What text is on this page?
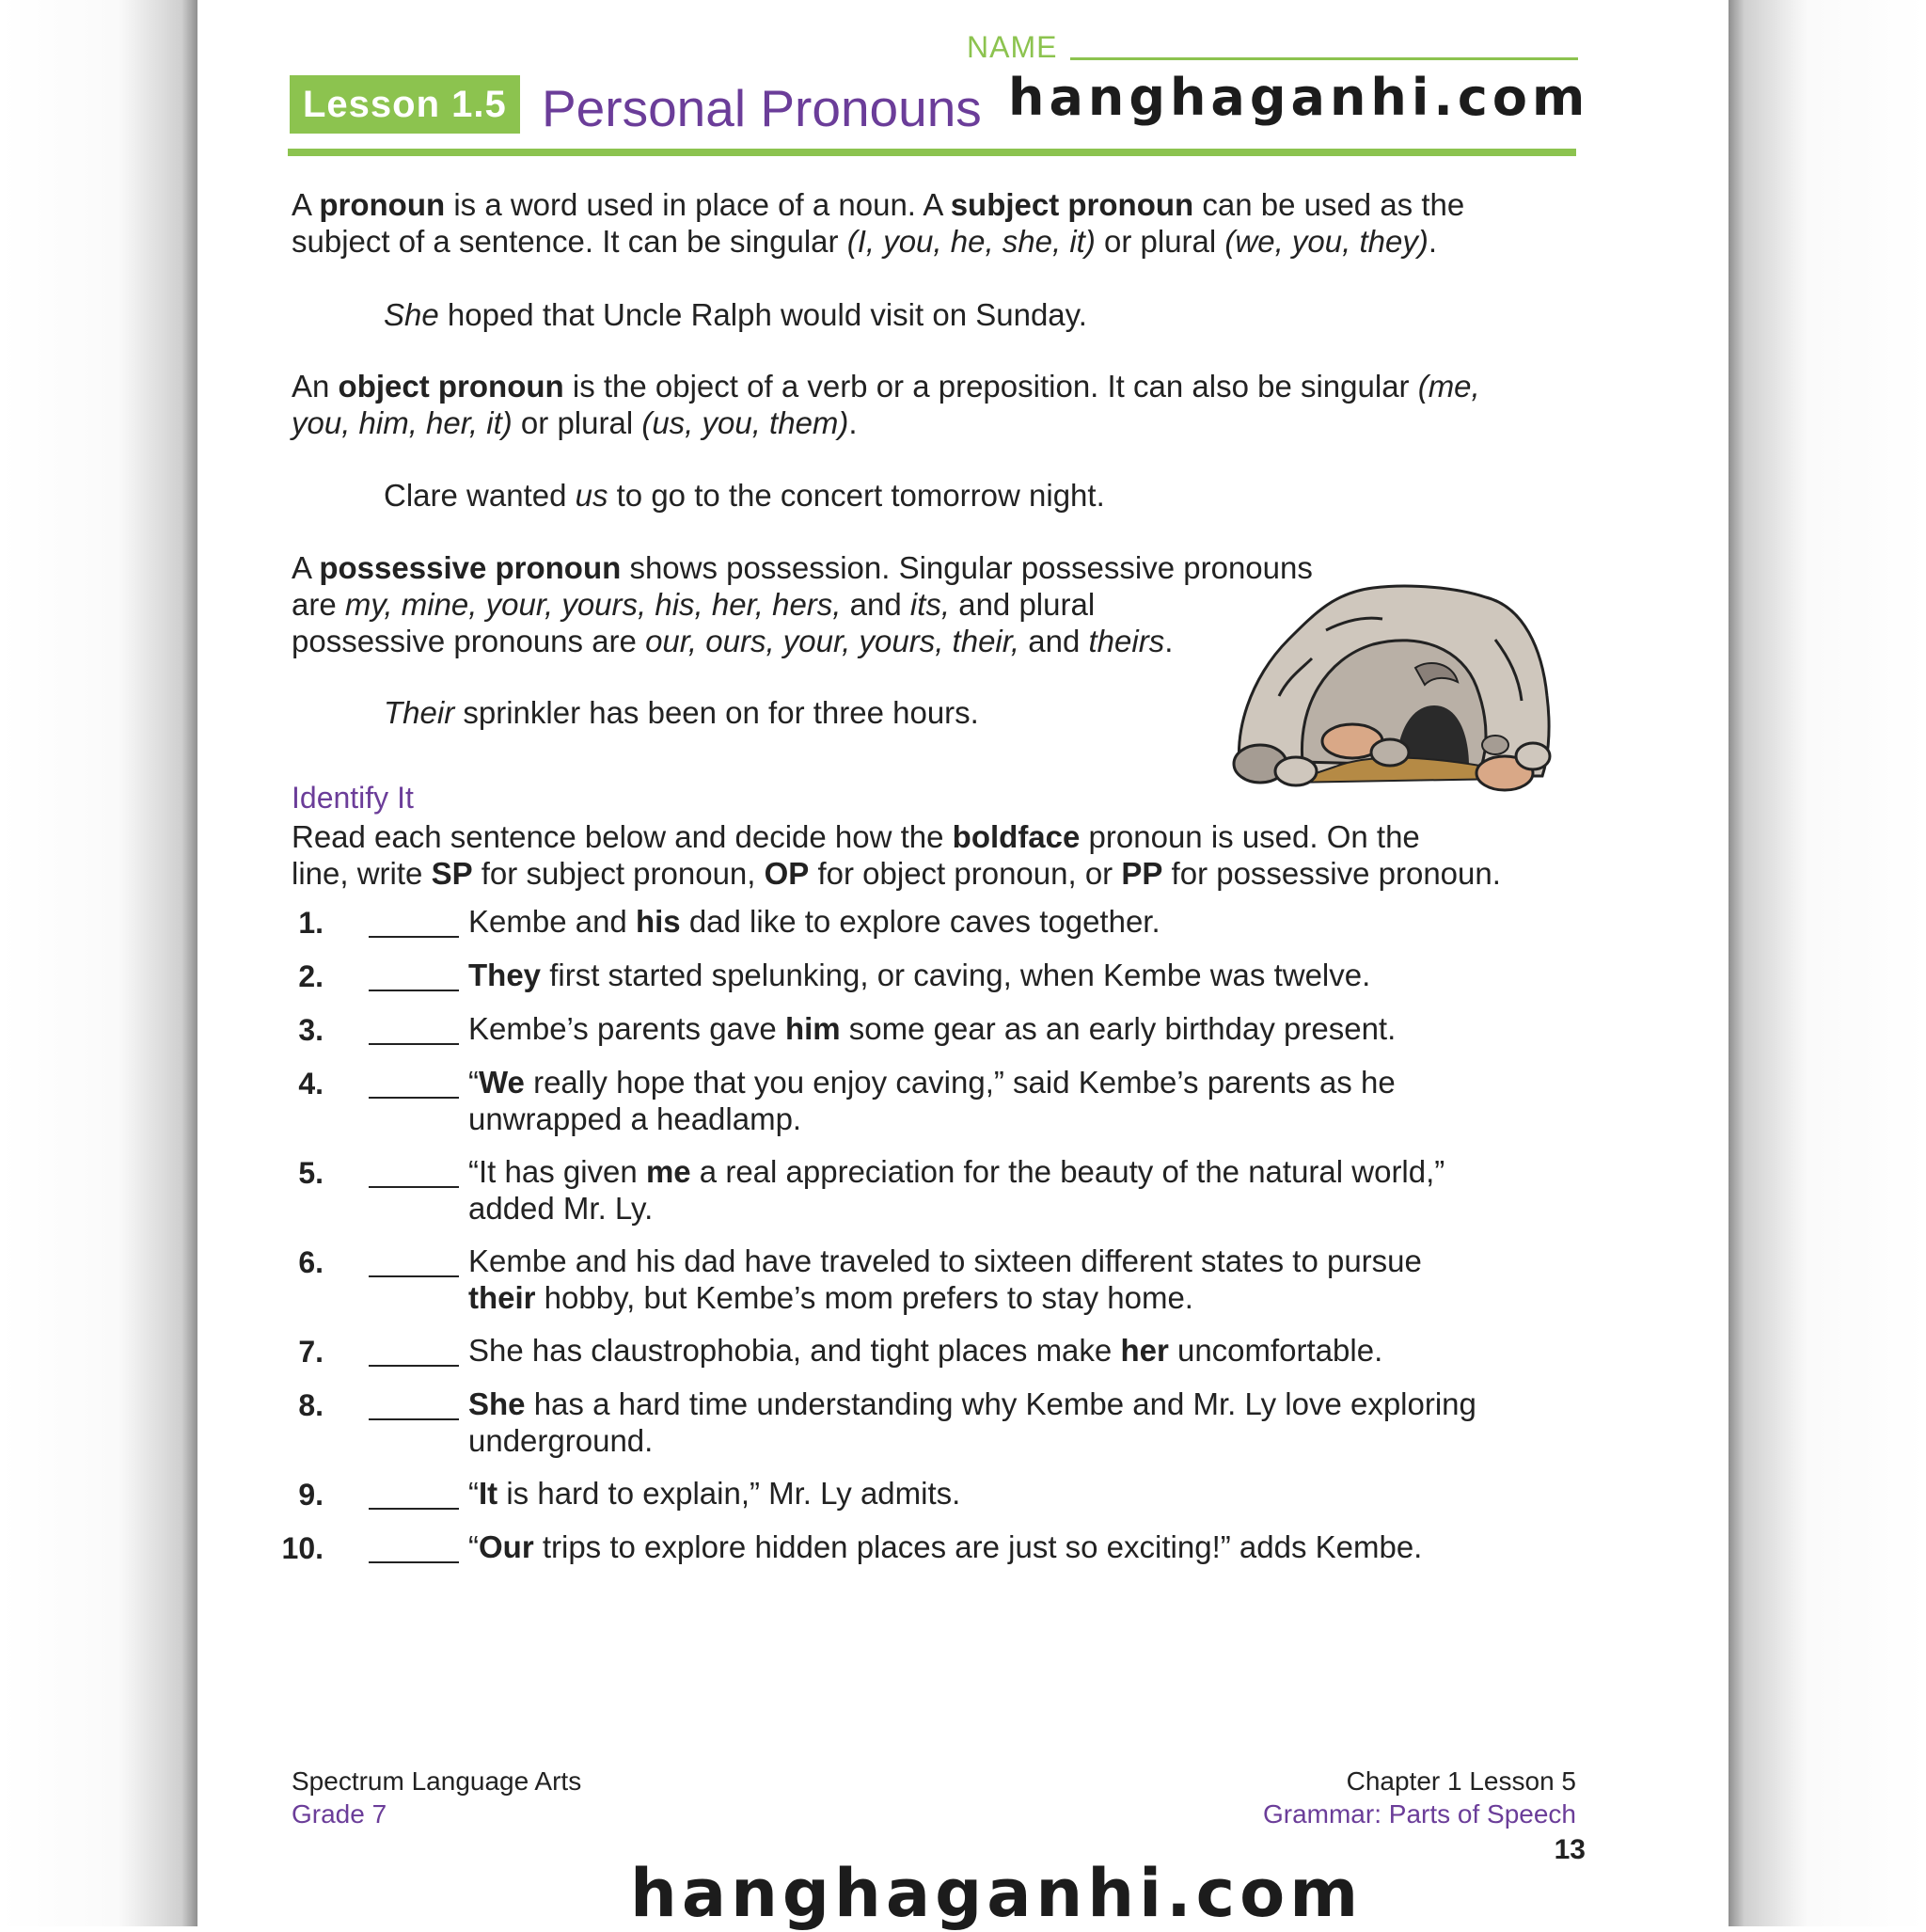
NAME
Lesson 1.5 Personal Pronouns hanghaganhi.com
A pronoun is a word used in place of a noun. A subject pronoun can be used as the
subject of a sentence. It can be singular (I, you, he, she, it) or plural (we, you, they).
She hoped that Uncle Ralph would visit on Sunday.
An object pronoun is the object of a verb or a preposition. It can also be singular (me,
you, him, her, it) or plural (us, you, them).
Clare wanted us to go to the concert tomorrow night.
A possessive pronoun shows possession. Singular possessive pronouns
are my, mine, your, yours, his, her, hers, and its, and plural
possessive pronouns are our, ours, your, yours, their, and theirs.
Their sprinkler has been on for three hours.
Identify It
Read each sentence below and decide how the boldface pronoun is used. On the
line, write SP for subject pronoun, OP for object pronoun, or PP for possessive pronoun.
1.	Kembe and his dad like to explore caves together.
2.	They first started spelunking, or caving, when Kembe was twelve.
3.	Kembe’s parents gave him some gear as an early birthday present.
4.	“We really hope that you enjoy caving,” said Kembe’s parents as he
unwrapped a headlamp.
5.	“It has given me a real appreciation for the beauty of the natural world,”
added Mr. Ly.
6.	Kembe and his dad have traveled to sixteen different states to pursue
their hobby, but Kembe’s mom prefers to stay home.
7.	She has claustrophobia, and tight places make her uncomfortable.
8.	She has a hard time understanding why Kembe and Mr. Ly love exploring
underground.
9.	“It is hard to explain,” Mr. Ly admits.
10.	“Our trips to explore hidden places are just so exciting!” adds Kembe.
Spectrum Language Arts
Grade 7
Chapter 1 Lesson 5
Grammar: Parts of Speech
13
hanghaganhi.com
